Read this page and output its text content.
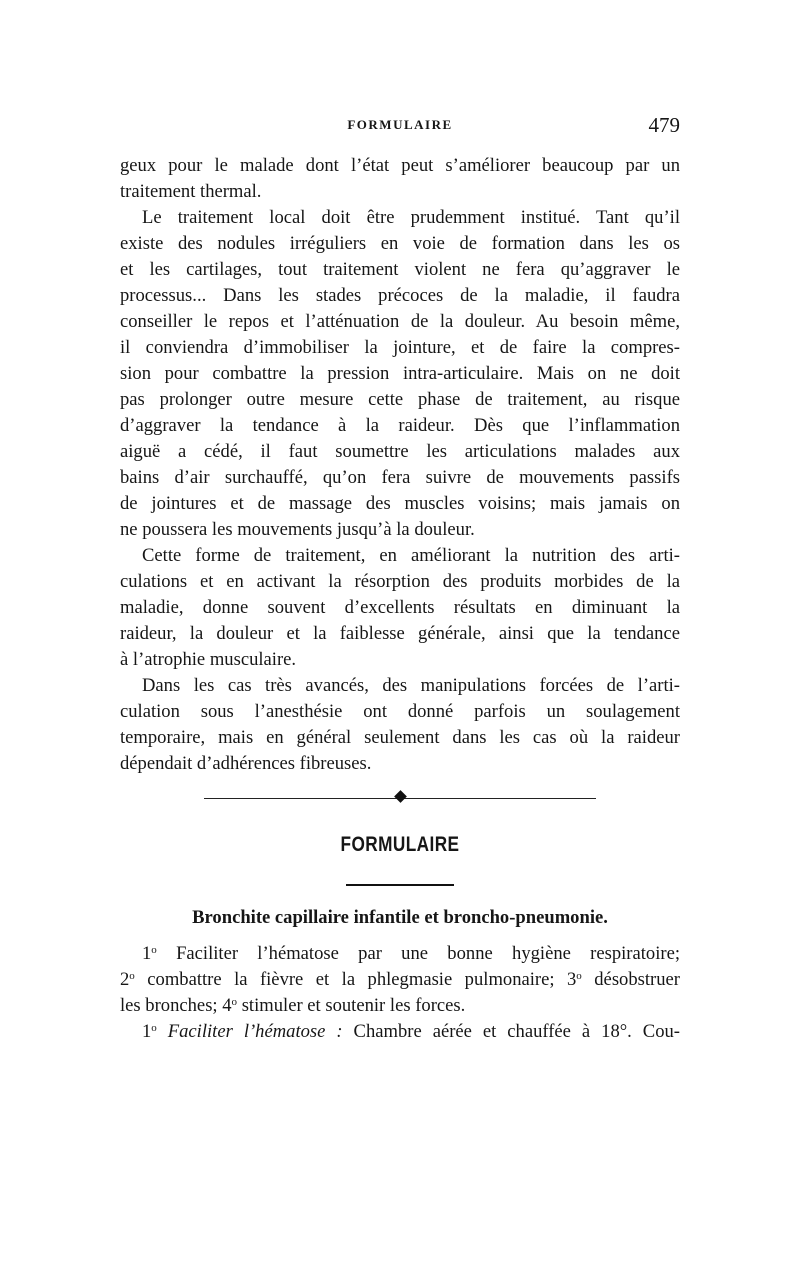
FORMULAIRE	479
geux pour le malade dont l’état peut s’améliorer beaucoup par un
traitement thermal.
Le traitement local doit être prudemment institué. Tant qu’il
existe des nodules irréguliers en voie de formation dans les os
et les cartilages, tout traitement violent ne fera qu’aggraver le
processus... Dans les stades précoces de la maladie, il faudra
conseiller le repos et l’atténuation de la douleur. Au besoin même,
il conviendra d’immobiliser la jointure, et de faire la compres-
sion pour combattre la pression intra-articulaire. Mais on ne doit
pas prolonger outre mesure cette phase de traitement, au risque
d’aggraver la tendance à la raideur. Dès que l’inflammation
aiguë a cédé, il faut soumettre les articulations malades aux
bains d’air surchauffé, qu’on fera suivre de mouvements passifs
de jointures et de massage des muscles voisins; mais jamais on
ne poussera les mouvements jusqu’à la douleur.
Cette forme de traitement, en améliorant la nutrition des arti-
culations et en activant la résorption des produits morbides de la
maladie, donne souvent d’excellents résultats en diminuant la
raideur, la douleur et la faiblesse générale, ainsi que la tendance
à l’atrophie musculaire.
Dans les cas très avancés, des manipulations forcées de l’arti-
culation sous l’anesthésie ont donné parfois un soulagement
temporaire, mais en général seulement dans les cas où la raideur
dépendait d’adhérences fibreuses.
FORMULAIRE
Bronchite capillaire infantile et broncho-pneumonie.
1$^o$ Faciliter l’hématose par une bonne hygiène respiratoire;
2$^o$ combattre la fièvre et la phlegmasie pulmonaire; 3$^o$ désobstruer
les bronches; 4$^o$ stimuler et soutenir les forces.
1$^o$ Faciliter l’hématose : Chambre aérée et chauffée à 18°. Cou-
